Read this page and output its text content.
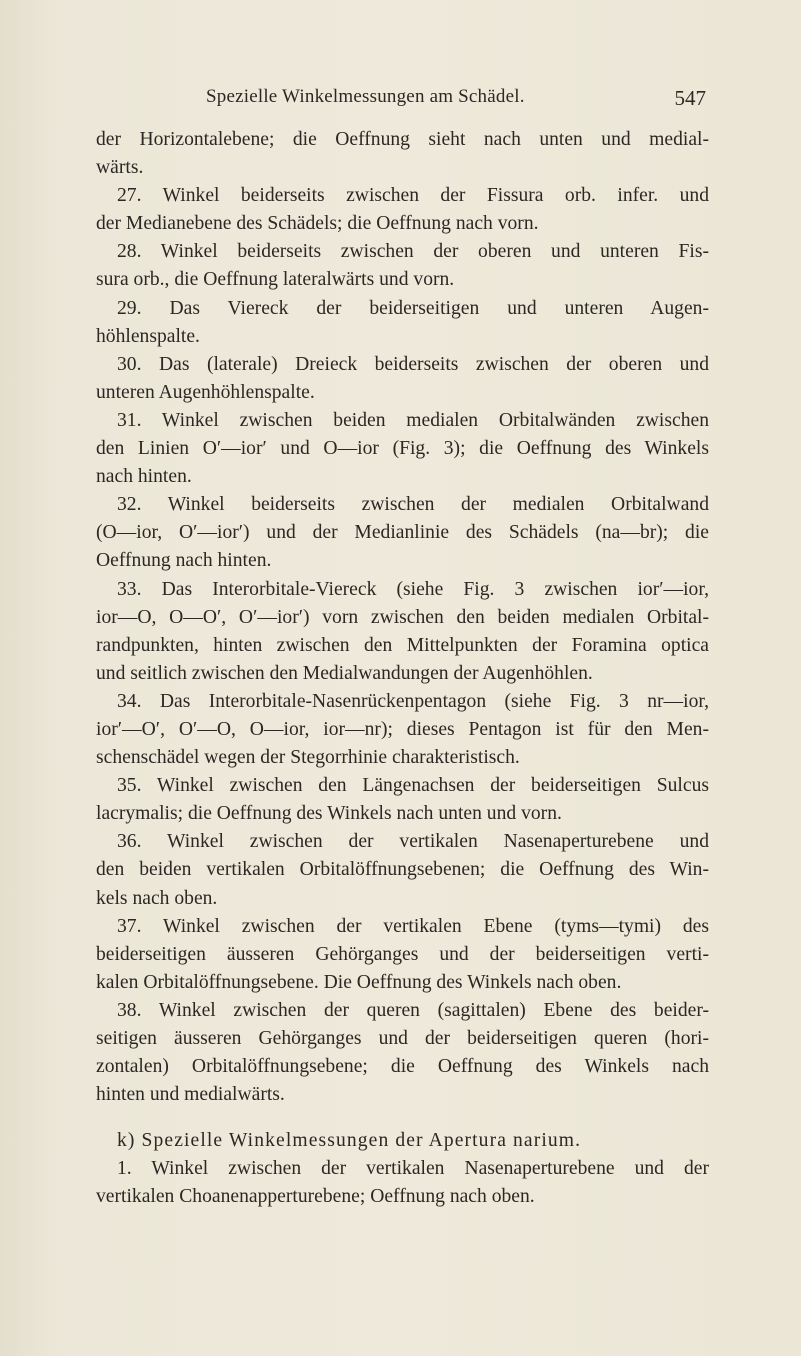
Spezielle Winkelmessungen am Schädel.	547
der Horizontalebene; die Oeffnung sieht nach unten und medial-
wärts.
27. Winkel beiderseits zwischen der Fissura orb. infer. und
der Medianebene des Schädels; die Oeffnung nach vorn.
28. Winkel beiderseits zwischen der oberen und unteren Fis-
sura orb., die Oeffnung lateralwärts und vorn.
29. Das Viereck der beiderseitigen und unteren Augen-
höhlenspalte.
30. Das (laterale) Dreieck beiderseits zwischen der oberen und
unteren Augenhöhlenspalte.
31. Winkel zwischen beiden medialen Orbitalwänden zwischen
den Linien O′—ior′ und O—ior (Fig. 3); die Oeffnung des Winkels
nach hinten.
32. Winkel beiderseits zwischen der medialen Orbitalwand
(O—ior, O′—ior′) und der Medianlinie des Schädels (na—br); die
Oeffnung nach hinten.
33. Das Interorbitale-Viereck (siehe Fig. 3 zwischen ior′—ior,
ior—O, O—O′, O′—ior′) vorn zwischen den beiden medialen Orbital-
randpunkten, hinten zwischen den Mittelpunkten der Foramina optica
und seitlich zwischen den Medialwandungen der Augenhöhlen.
34. Das Interorbitale-Nasenrückenpentagon (siehe Fig. 3 nr—ior,
ior′—O′, O′—O, O—ior, ior—nr); dieses Pentagon ist für den Men-
schenschädel wegen der Stegorrhinie charakteristisch.
35. Winkel zwischen den Längenachsen der beiderseitigen Sulcus
lacrymalis; die Oeffnung des Winkels nach unten und vorn.
36. Winkel zwischen der vertikalen Nasenaperturebene und
den beiden vertikalen Orbitalöffnungsebenen; die Oeffnung des Win-
kels nach oben.
37. Winkel zwischen der vertikalen Ebene (tyms—tymi) des
beiderseitigen äusseren Gehörganges und der beiderseitigen verti-
kalen Orbitalöffnungsebene. Die Oeffnung des Winkels nach oben.
38. Winkel zwischen der queren (sagittalen) Ebene des beider-
seitigen äusseren Gehörganges und der beiderseitigen queren (hori-
zontalen) Orbitalöffnungsebene; die Oeffnung des Winkels nach
hinten und medialwärts.
k) Spezielle Winkelmessungen der Apertura narium.
1. Winkel zwischen der vertikalen Nasenaperturebene und der
vertikalen Choanenapperturebene; Oeffnung nach oben.
